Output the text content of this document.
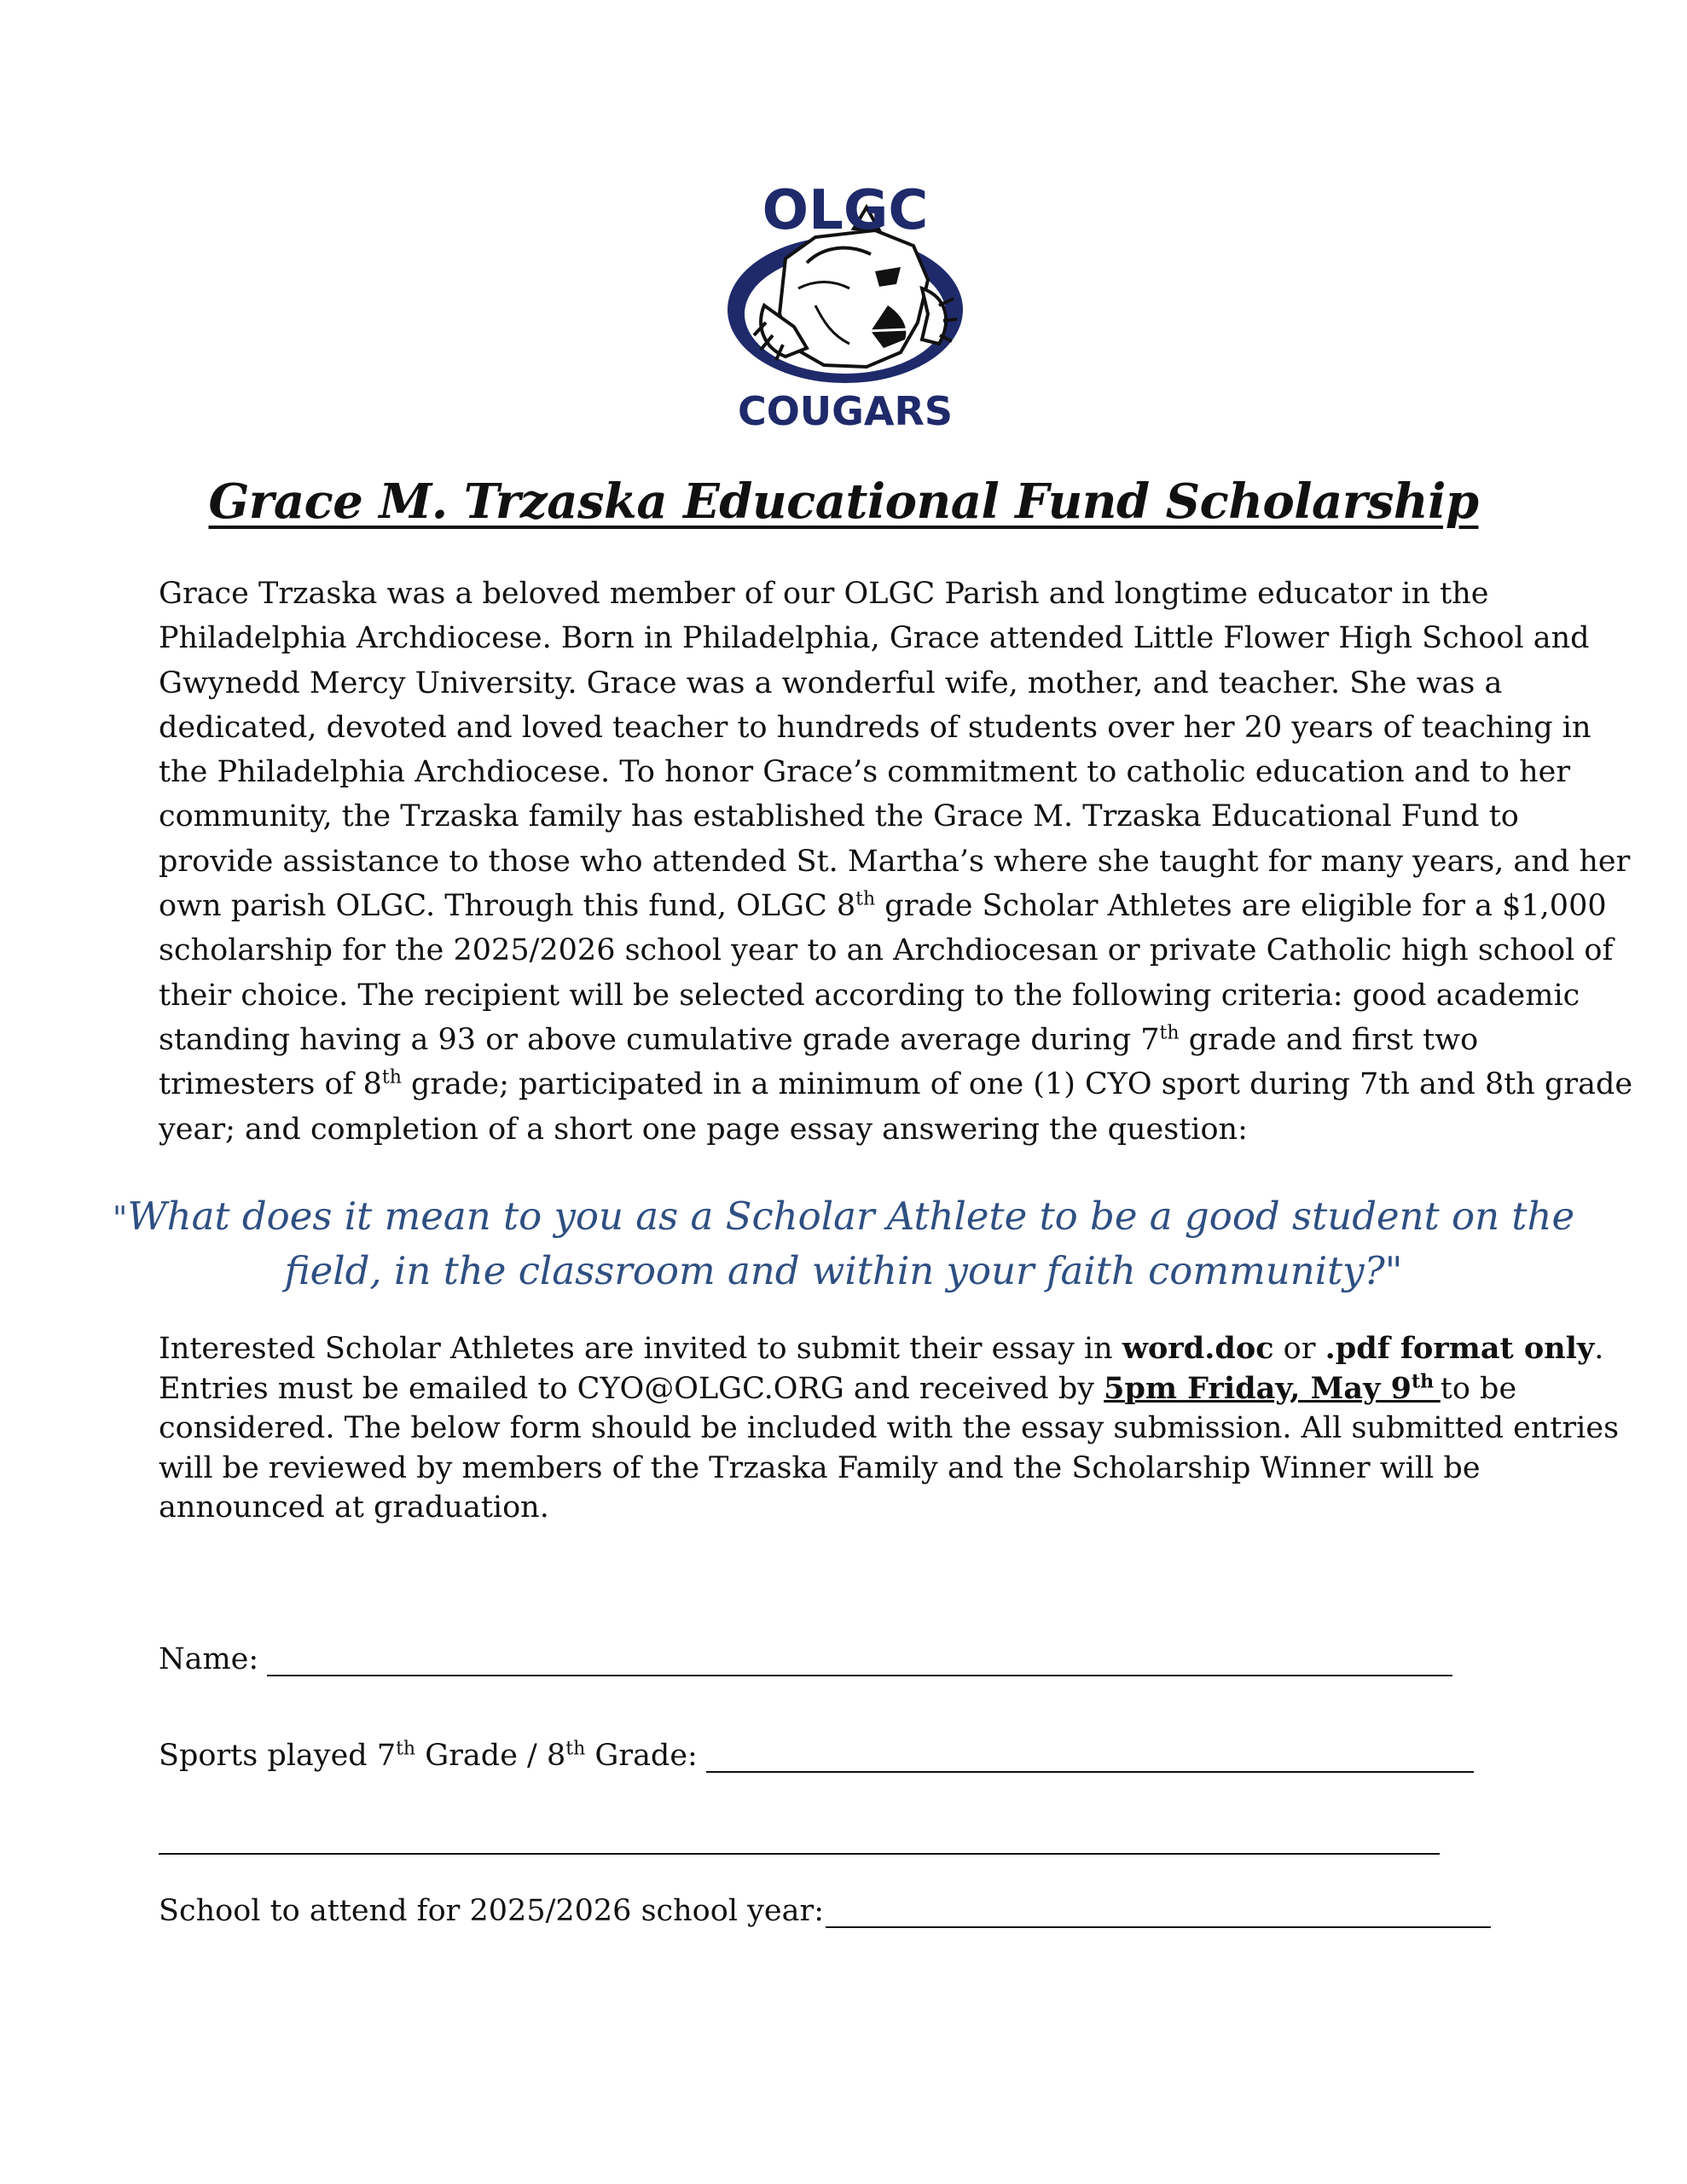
OLGC
COUGARS
Grace M. Trzaska Educational Fund Scholarship
Grace Trzaska was a beloved member of our OLGC Parish and longtime educator in the
Philadelphia Archdiocese. Born in Philadelphia, Grace attended Little Flower High School and
Gwynedd Mercy University. Grace was a wonderful wife, mother, and teacher. She was a
dedicated, devoted and loved teacher to hundreds of students over her 20 years of teaching in
the Philadelphia Archdiocese. To honor Grace’s commitment to catholic education and to her
community, the Trzaska family has established the Grace M. Trzaska Educational Fund to
provide assistance to those who attended St. Martha’s where she taught for many years, and her
own parish OLGC. Through this fund, OLGC 8th grade Scholar Athletes are eligible for a $1,000
scholarship for the 2025/2026 school year to an Archdiocesan or private Catholic high school of
their choice. The recipient will be selected according to the following criteria: good academic
standing having a 93 or above cumulative grade average during 7th grade and first two
trimesters of 8th grade; participated in a minimum of one (1) CYO sport during 7th and 8th grade
year; and completion of a short one page essay answering the question:
"What does it mean to you as a Scholar Athlete to be a good student on the
field, in the classroom and within your faith community?"
Interested Scholar Athletes are invited to submit their essay in word.doc or .pdf format only.
Entries must be emailed to CYO@OLGC.ORG and received by 5pm Friday, May 9th to be
considered. The below form should be included with the essay submission. All submitted entries
will be reviewed by members of the Trzaska Family and the Scholarship Winner will be
announced at graduation.
Name:
Sports played 7th Grade / 8th Grade:
School to attend for 2025/2026 school year:
